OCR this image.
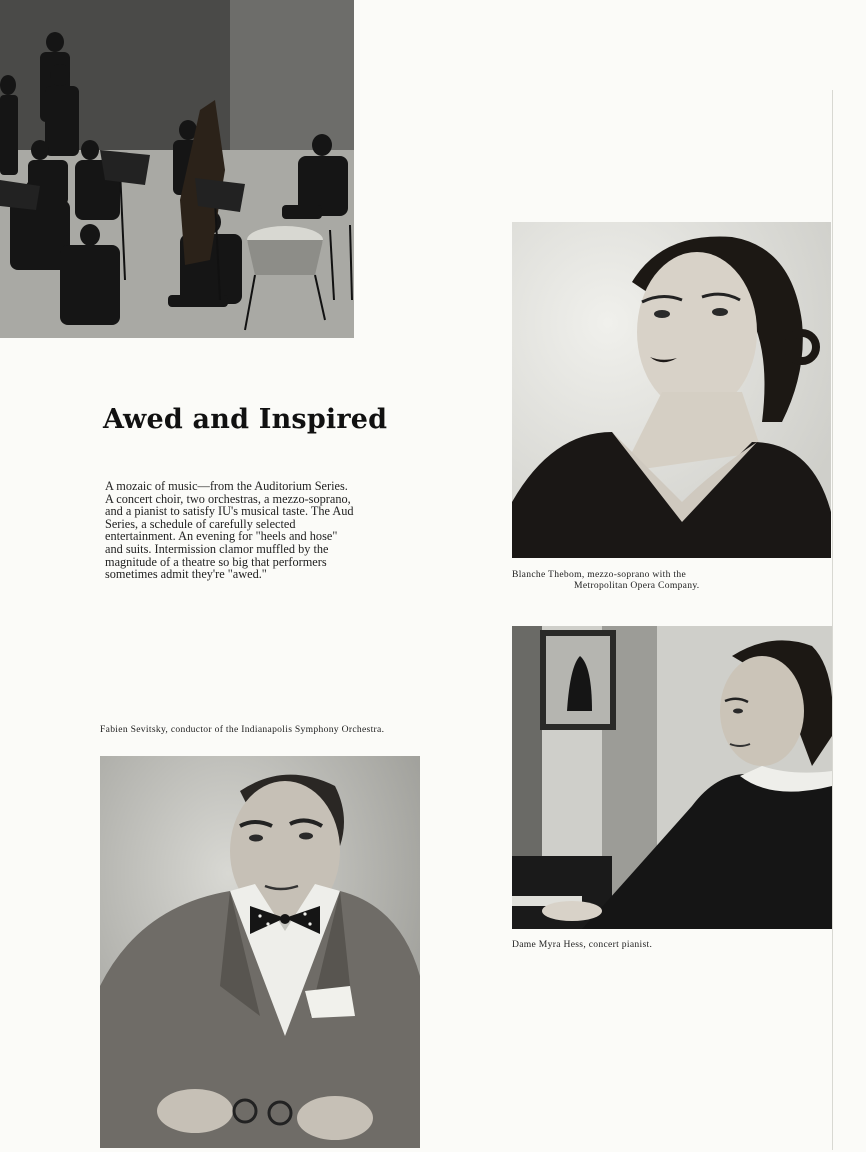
Awed and Inspired

A mozaic of music—from the Auditorium Series. A concert choir, two orchestras, a mezzo-soprano, and a pianist to satisfy IU's musical taste. The Aud Series, a schedule of carefully selected entertainment. An evening for "heels and hose" and suits. Intermission clamor muffled by the magnitude of a theatre so big that performers sometimes admit they're "awed."	Blanche Thebom, mezzo-soprano with the
Metropolitan Opera Company.

Dame Myra Hess, concert pianist.

Fabien Sevitsky, conductor of the Indianapolis Symphony Orchestra.
